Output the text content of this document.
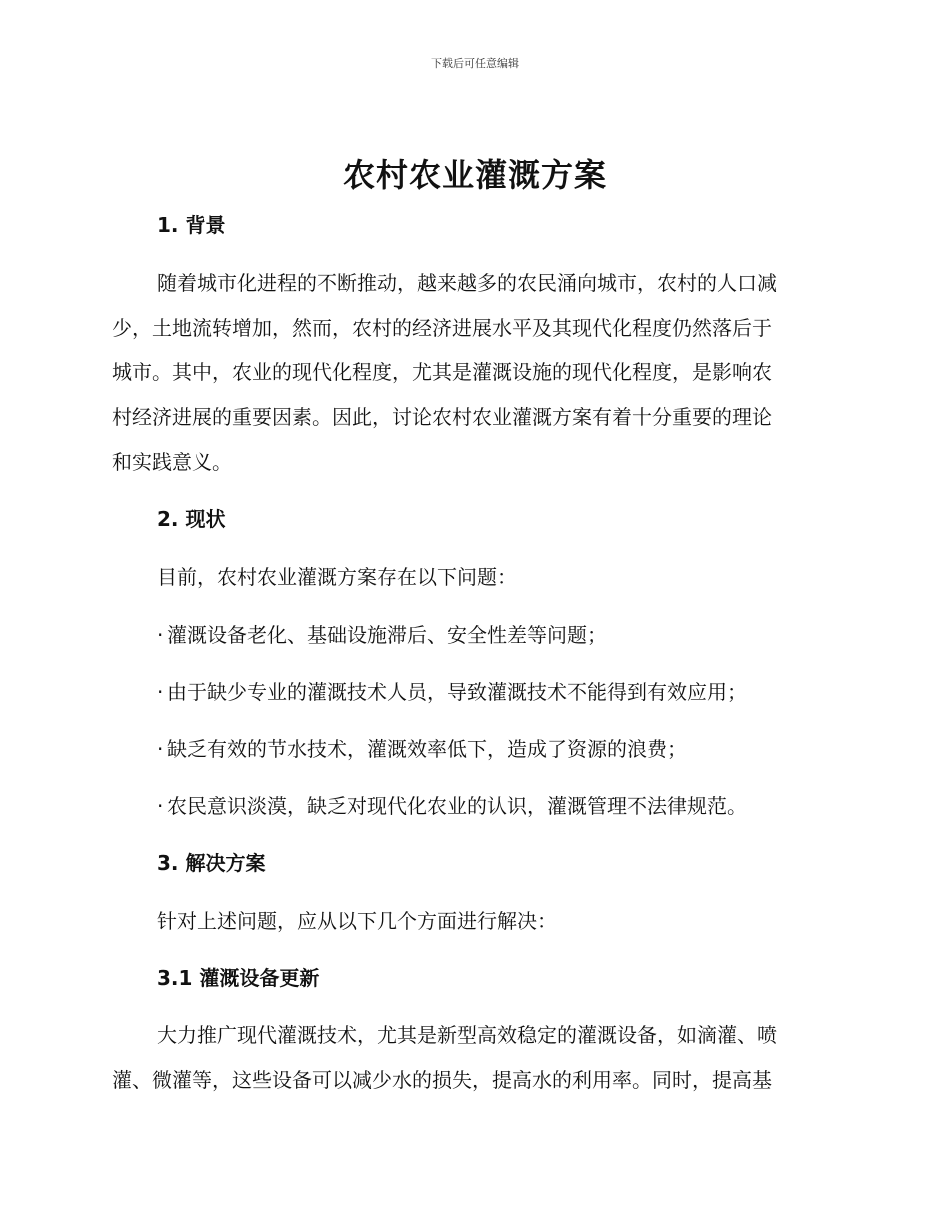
下载后可任意编辑
农村农业灌溉方案
1. 背景
随着城市化进程的不断推动，越来越多的农民涌向城市，农村的人口减
少，土地流转增加，然而，农村的经济进展水平及其现代化程度仍然落后于
城市。其中，农业的现代化程度，尤其是灌溉设施的现代化程度，是影响农
村经济进展的重要因素。因此，讨论农村农业灌溉方案有着十分重要的理论
和实践意义。
2. 现状
目前，农村农业灌溉方案存在以下问题：
· 灌溉设备老化、基础设施滞后、安全性差等问题；
· 由于缺少专业的灌溉技术人员，导致灌溉技术不能得到有效应用；
· 缺乏有效的节水技术，灌溉效率低下，造成了资源的浪费；
· 农民意识淡漠，缺乏对现代化农业的认识，灌溉管理不法律规范。
3. 解决方案
针对上述问题，应从以下几个方面进行解决：
3.1 灌溉设备更新
大力推广现代灌溉技术，尤其是新型高效稳定的灌溉设备，如滴灌、喷
灌、微灌等，这些设备可以减少水的损失，提高水的利用率。同时，提高基
